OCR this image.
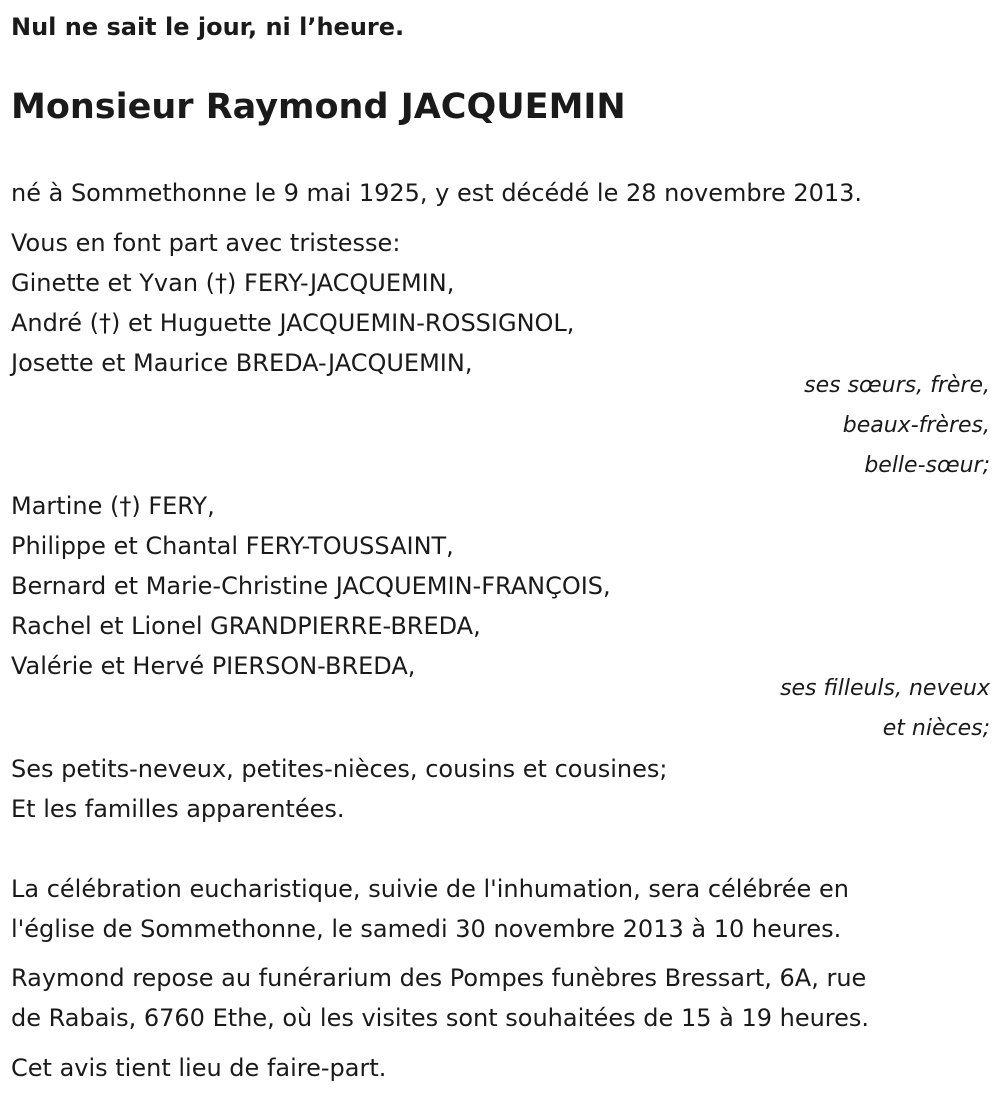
Nul ne sait le jour, ni l’heure.
Monsieur Raymond JACQUEMIN
né à Sommethonne le 9 mai 1925, y est décédé le 28 novembre 2013.
Vous en font part avec tristesse:
Ginette et Yvan (†) FERY-JACQUEMIN,
André (†) et Huguette JACQUEMIN-ROSSIGNOL,
Josette et Maurice BREDA-JACQUEMIN,
ses sœurs, frère,
beaux-frères,
belle-sœur;
Martine (†) FERY,
Philippe et Chantal FERY-TOUSSAINT,
Bernard et Marie-Christine JACQUEMIN-FRANÇOIS,
Rachel et Lionel GRANDPIERRE-BREDA,
Valérie et Hervé PIERSON-BREDA,
ses filleuls, neveux
et nièces;
Ses petits-neveux, petites-nièces, cousins et cousines;
Et les familles apparentées.
La célébration eucharistique, suivie de l'inhumation, sera célébrée en
l'église de Sommethonne, le samedi 30 novembre 2013 à 10 heures.
Raymond repose au funérarium des Pompes funèbres Bressart, 6A, rue
de Rabais, 6760 Ethe, où les visites sont souhaitées de 15 à 19 heures.
Cet avis tient lieu de faire-part.
